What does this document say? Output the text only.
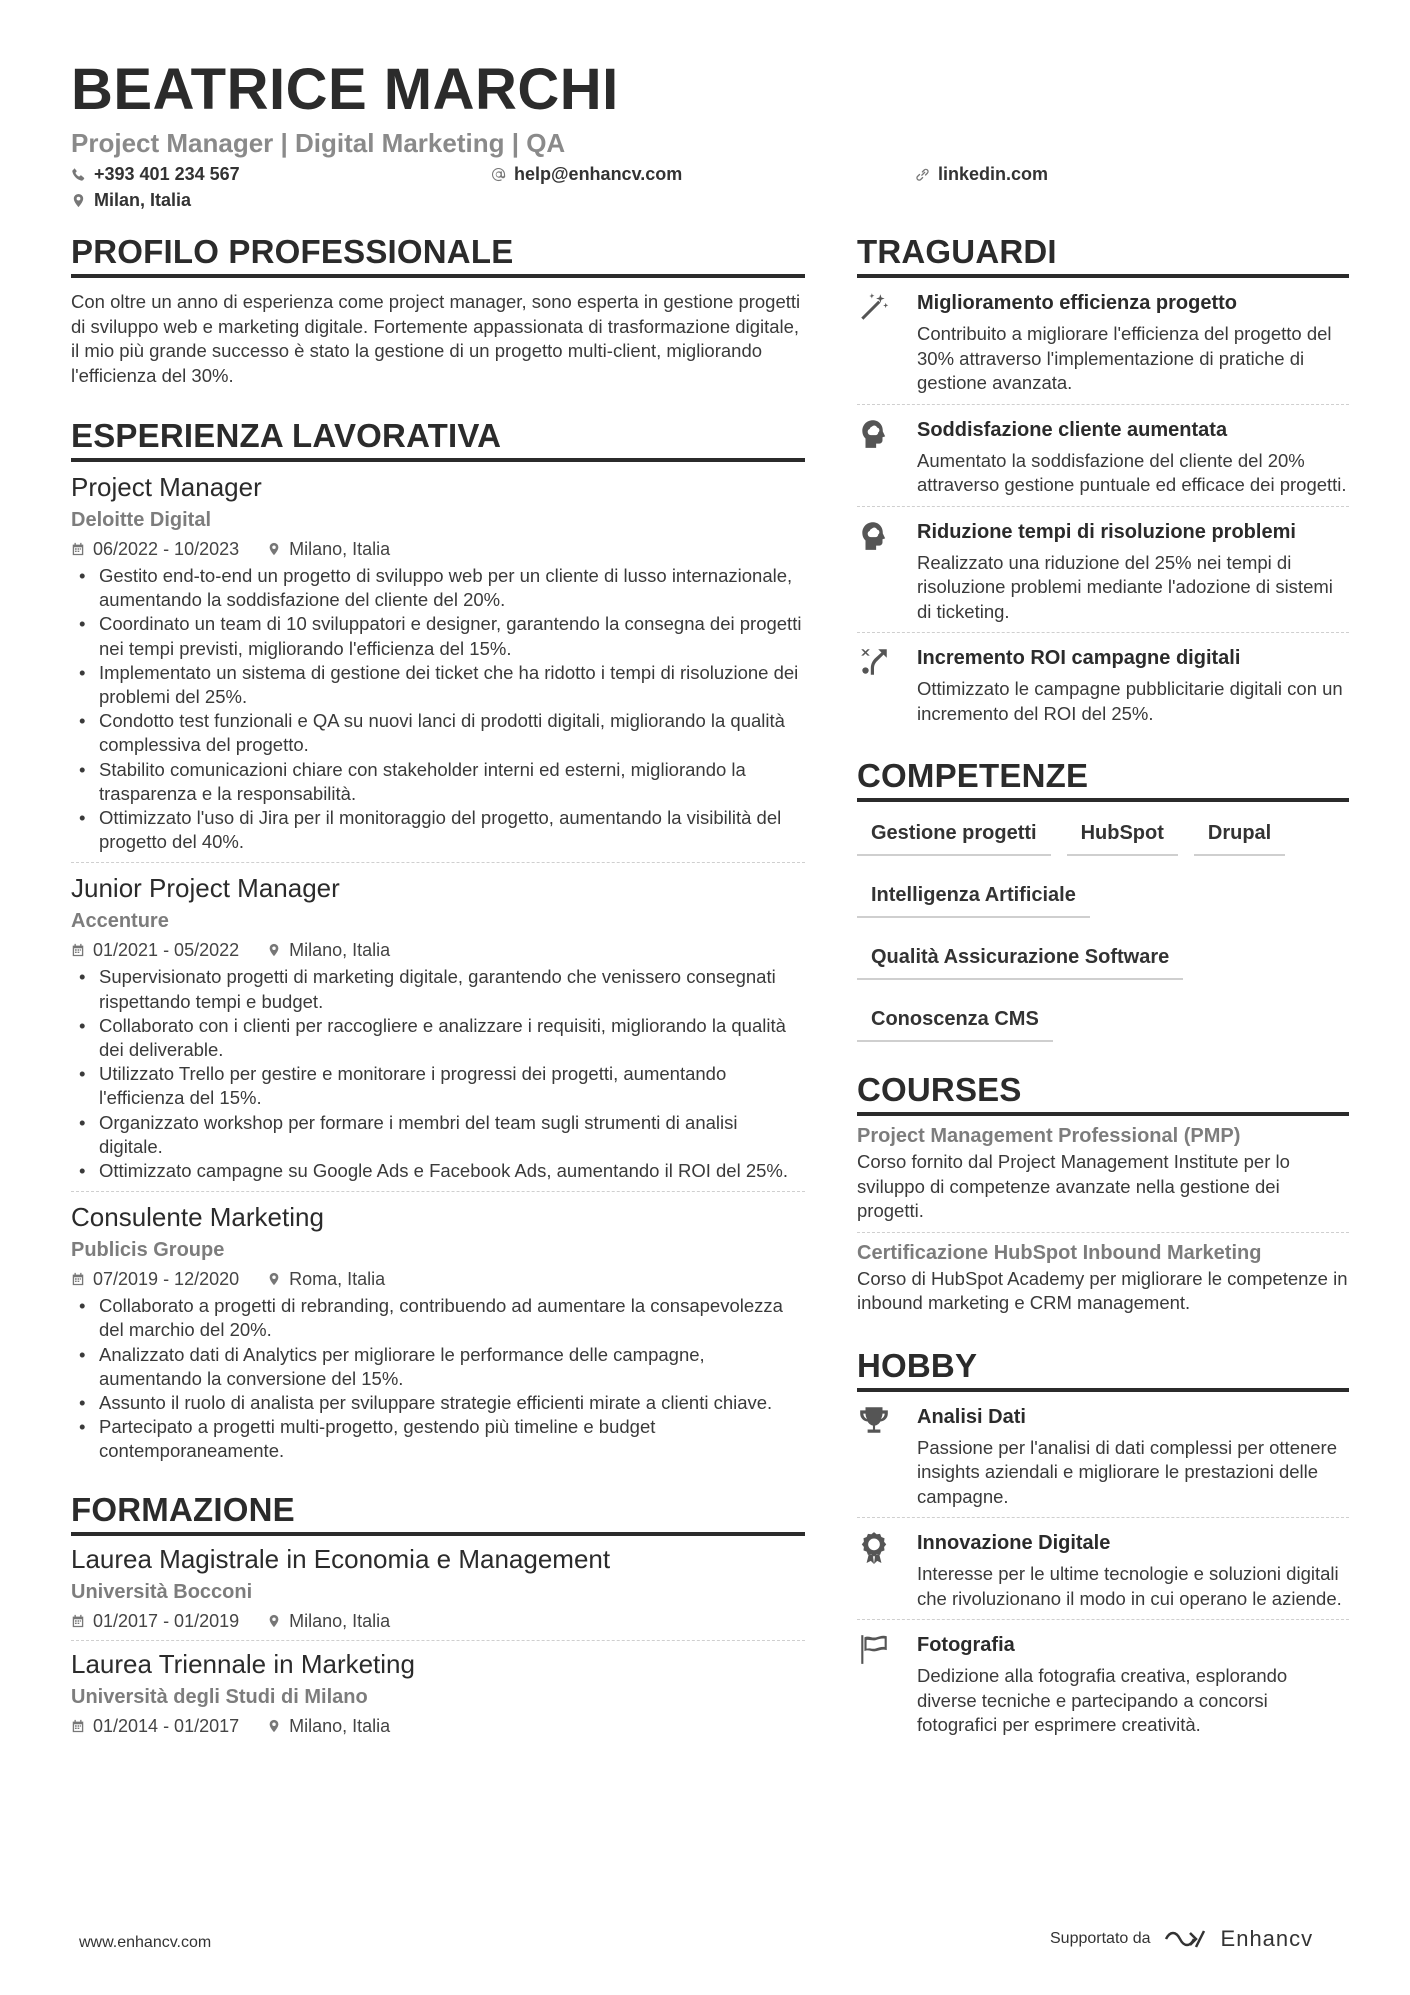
BEATRICE MARCHI
Project Manager | Digital Marketing | QA
+393 401 234 567	help@enhancv.com	linkedin.com
Milan, Italia
PROFILO PROFESSIONALE
Con oltre un anno di esperienza come project manager, sono esperta in gestione progetti di sviluppo web e marketing digitale. Fortemente appassionata di trasformazione digitale, il mio più grande successo è stato la gestione di un progetto multi-client, migliorando l'efficienza del 30%.
ESPERIENZA LAVORATIVA
Project Manager
Deloitte Digital
06/2022 - 10/2023	Milano, Italia
• Gestito end-to-end un progetto di sviluppo web per un cliente di lusso internazionale, aumentando la soddisfazione del cliente del 20%.
• Coordinato un team di 10 sviluppatori e designer, garantendo la consegna dei progetti nei tempi previsti, migliorando l'efficienza del 15%.
• Implementato un sistema di gestione dei ticket che ha ridotto i tempi di risoluzione dei problemi del 25%.
• Condotto test funzionali e QA su nuovi lanci di prodotti digitali, migliorando la qualità complessiva del progetto.
• Stabilito comunicazioni chiare con stakeholder interni ed esterni, migliorando la trasparenza e la responsabilità.
• Ottimizzato l'uso di Jira per il monitoraggio del progetto, aumentando la visibilità del progetto del 40%.
Junior Project Manager
Accenture
01/2021 - 05/2022	Milano, Italia
• Supervisionato progetti di marketing digitale, garantendo che venissero consegnati rispettando tempi e budget.
• Collaborato con i clienti per raccogliere e analizzare i requisiti, migliorando la qualità dei deliverable.
• Utilizzato Trello per gestire e monitorare i progressi dei progetti, aumentando l'efficienza del 15%.
• Organizzato workshop per formare i membri del team sugli strumenti di analisi digitale.
• Ottimizzato campagne su Google Ads e Facebook Ads, aumentando il ROI del 25%.
Consulente Marketing
Publicis Groupe
07/2019 - 12/2020	Roma, Italia
• Collaborato a progetti di rebranding, contribuendo ad aumentare la consapevolezza del marchio del 20%.
• Analizzato dati di Analytics per migliorare le performance delle campagne, aumentando la conversione del 15%.
• Assunto il ruolo di analista per sviluppare strategie efficienti mirate a clienti chiave.
• Partecipato a progetti multi-progetto, gestendo più timeline e budget contemporaneamente.
FORMAZIONE
Laurea Magistrale in Economia e Management
Università Bocconi
01/2017 - 01/2019	Milano, Italia
Laurea Triennale in Marketing
Università degli Studi di Milano
01/2014 - 01/2017	Milano, Italia
TRAGUARDI
Miglioramento efficienza progetto
Contribuito a migliorare l'efficienza del progetto del 30% attraverso l'implementazione di pratiche di gestione avanzata.
Soddisfazione cliente aumentata
Aumentato la soddisfazione del cliente del 20% attraverso gestione puntuale ed efficace dei progetti.
Riduzione tempi di risoluzione problemi
Realizzato una riduzione del 25% nei tempi di risoluzione problemi mediante l'adozione di sistemi di ticketing.
Incremento ROI campagne digitali
Ottimizzato le campagne pubblicitarie digitali con un incremento del ROI del 25%.
COMPETENZE
Gestione progetti	HubSpot	Drupal
Intelligenza Artificiale
Qualità Assicurazione Software
Conoscenza CMS
COURSES
Project Management Professional (PMP)
Corso fornito dal Project Management Institute per lo sviluppo di competenze avanzate nella gestione dei progetti.
Certificazione HubSpot Inbound Marketing
Corso di HubSpot Academy per migliorare le competenze in inbound marketing e CRM management.
HOBBY
Analisi Dati
Passione per l'analisi di dati complessi per ottenere insights aziendali e migliorare le prestazioni delle campagne.
Innovazione Digitale
Interesse per le ultime tecnologie e soluzioni digitali che rivoluzionano il modo in cui operano le aziende.
Fotografia
Dedizione alla fotografia creativa, esplorando diverse tecniche e partecipando a concorsi fotografici per esprimere creatività.
www.enhancv.com	Supportato da	Enhancv
